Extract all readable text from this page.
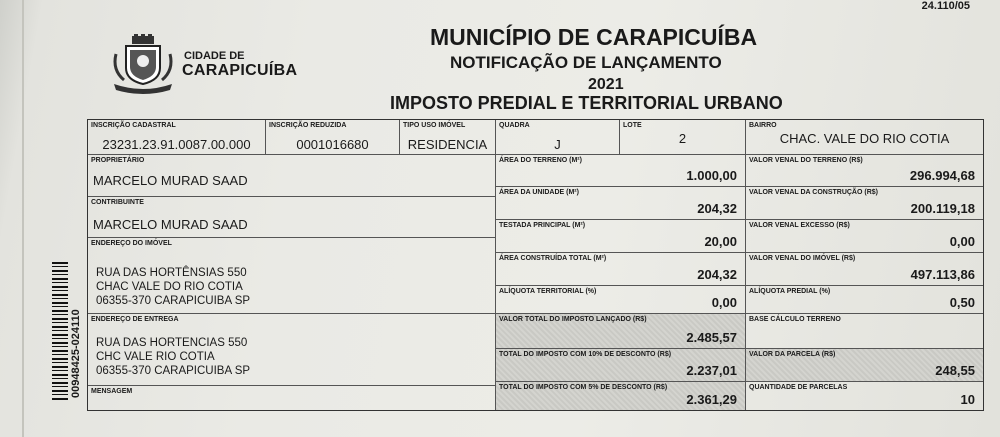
24.110/05
CIDADE DE
CARAPICUÍBA
MUNICÍPIO DE CARAPICUÍBA
NOTIFICAÇÃO DE LANÇAMENTO
2021
IMPOSTO PREDIAL E TERRITORIAL URBANO
INSCRIÇÃO CADASTRAL
23231.23.91.0087.00.000
INSCRIÇÃO REDUZIDA
0001016680
TIPO USO IMÓVEL
RESIDENCIA
QUADRA
J
LOTE
2
BAIRRO
CHAC. VALE DO RIO COTIA
PROPRIETÁRIO
MARCELO MURAD SAAD
CONTRIBUINTE
MARCELO MURAD SAAD
ENDEREÇO DO IMÓVEL
RUA DAS HORTÊNSIAS 550
CHAC VALE DO RIO COTIA
06355-370 CARAPICUIBA SP
ENDEREÇO DE ENTREGA
RUA DAS HORTENCIAS 550
CHC VALE RIO COTIA
06355-370 CARAPICUIBA SP
MENSAGEM
ÁREA DO TERRENO (M²)
1.000,00
ÁREA DA UNIDADE (M²)
204,32
TESTADA PRINCIPAL (M²)
20,00
ÁREA CONSTRUÍDA TOTAL (M²)
204,32
ALÍQUOTA TERRITORIAL (%)
0,00
VALOR TOTAL DO IMPOSTO LANÇADO (R$)
2.485,57
TOTAL DO IMPOSTO COM 10% DE DESCONTO (R$)
2.237,01
TOTAL DO IMPOSTO COM 5% DE DESCONTO (R$)
2.361,29
VALOR VENAL DO TERRENO (R$)
296.994,68
VALOR VENAL DA CONSTRUÇÃO (R$)
200.119,18
VALOR VENAL EXCESSO (R$)
0,00
VALOR VENAL DO IMÓVEL (R$)
497.113,86
ALÍQUOTA PREDIAL (%)
0,50
BASE CÁLCULO TERRENO
VALOR DA PARCELA (R$)
248,55
QUANTIDADE DE PARCELAS
10
00948425-024110
